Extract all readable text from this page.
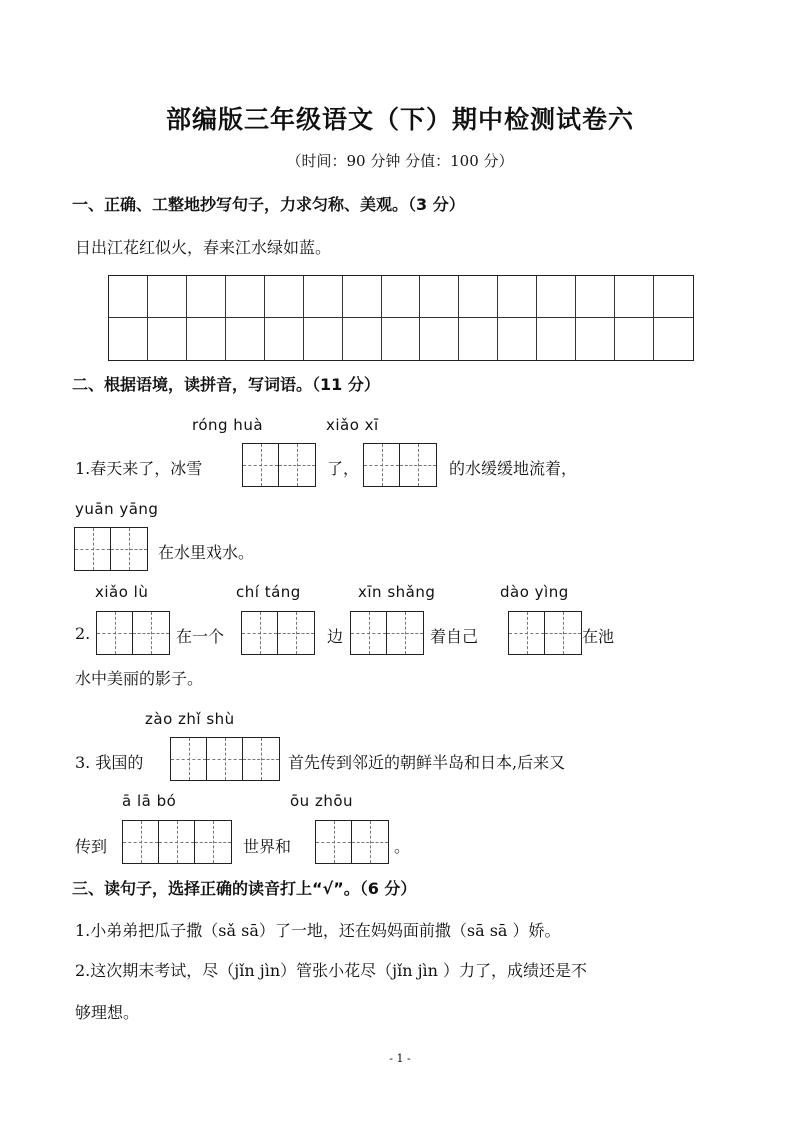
部编版三年级语文（下）期中检测试卷六
（时间：90 分钟 分值：100 分）
一、正确、工整地抄写句子，力求匀称、美观。（3 分）
日出江花红似火，春来江水绿如蓝。
二、根据语境，读拼音，写词语。（11 分）
róng huà	xiǎo xī
1.春天来了，冰雪	了，	的水缓缓地流着，
yuān yāng
在水里戏水。
xiǎo lù	chí táng	xīn shǎng	dào yìng
2.	在一个	边	着自己	在池
水中美丽的影子。
zào zhǐ shù
3. 我国的	首先传到邻近的朝鲜半岛和日本,后来又
ā lā bó	ōu zhōu
传到	世界和	。
三、读句子，选择正确的读音打上“√”。（6 分）
1.小弟弟把瓜子撒（sǎ sā）了一地，还在妈妈面前撒（sā sā ）娇。
2.这次期末考试，尽（jǐn jìn）管张小花尽（jǐn jìn ）力了，成绩还是不
够理想。
- 1 -
